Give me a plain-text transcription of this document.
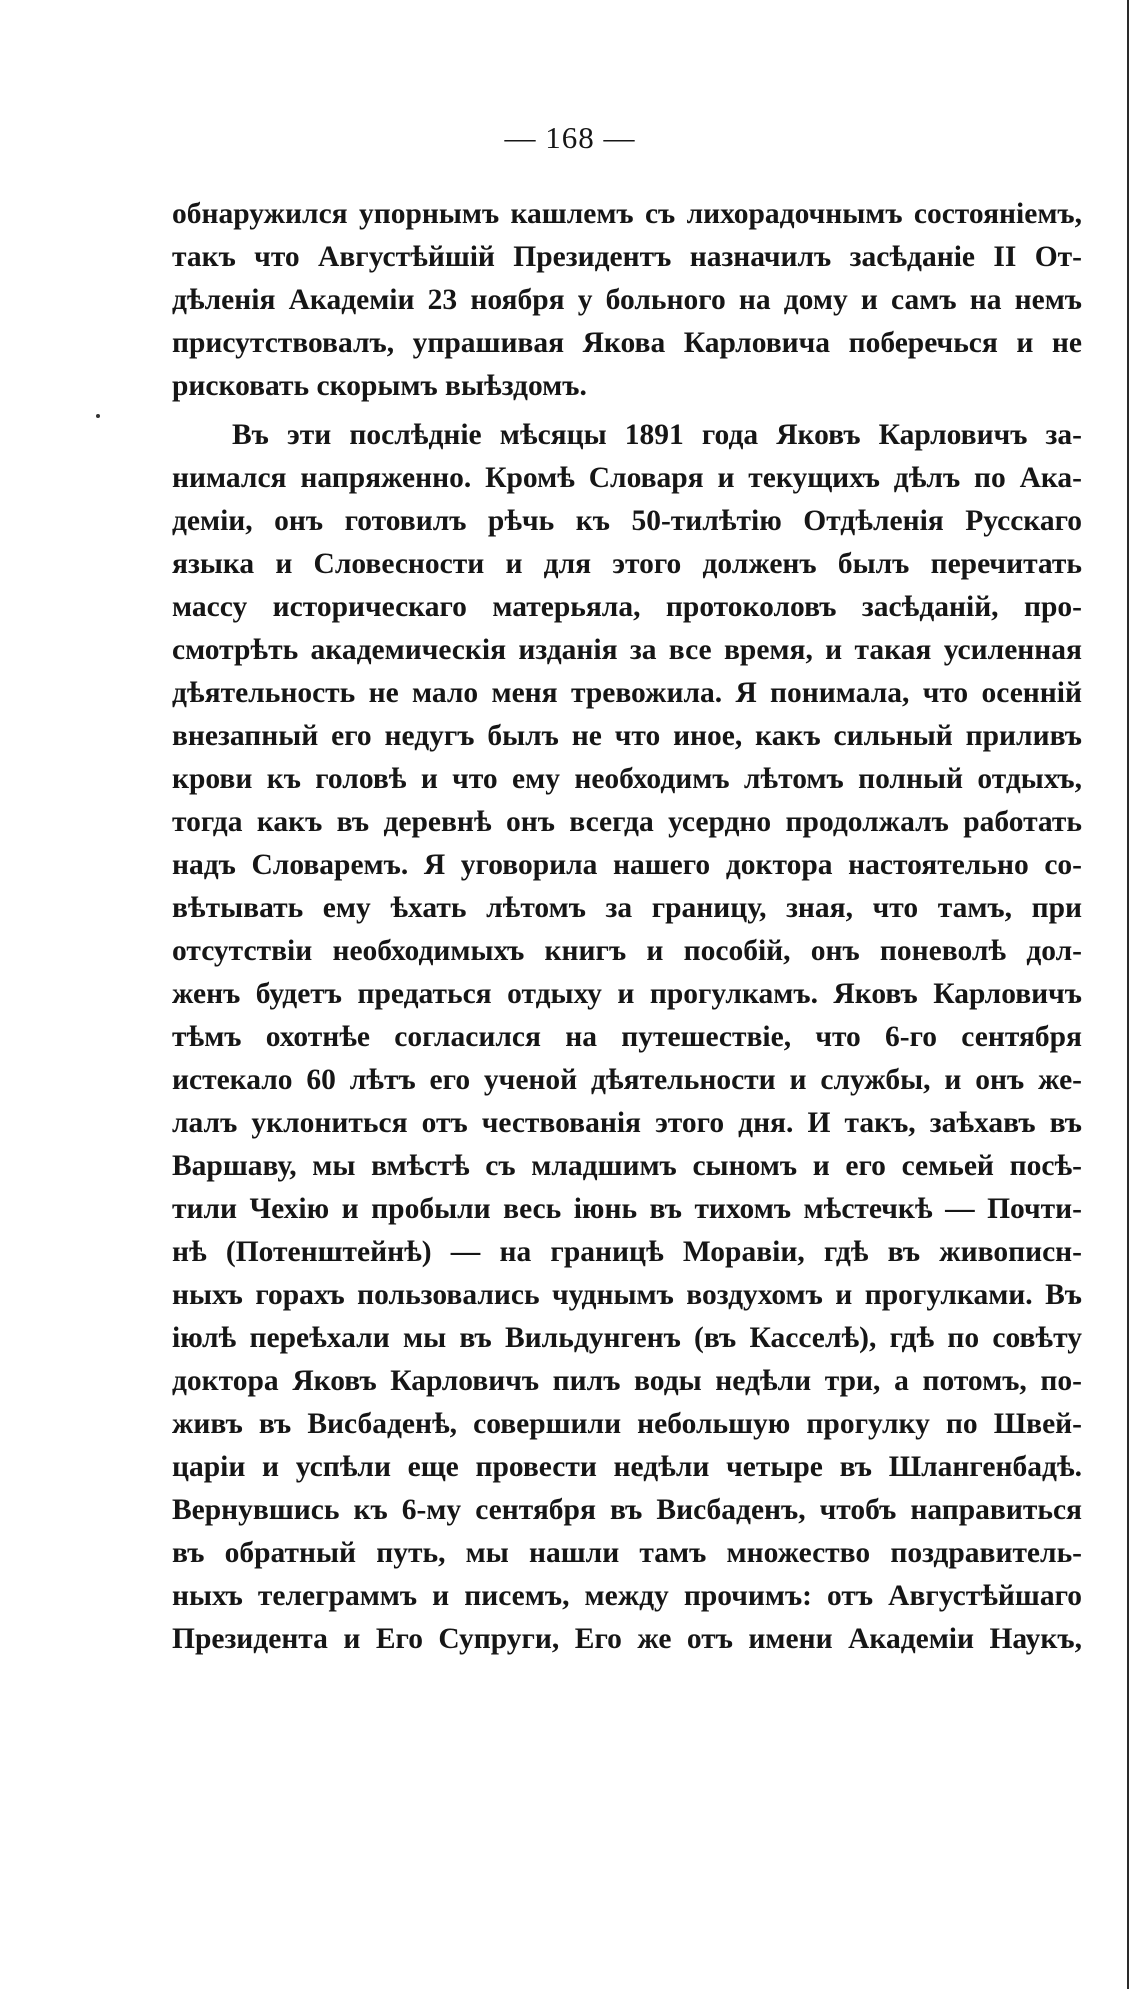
— 168 —
обнаружился упорнымъ кашлемъ съ лихорадочнымъ состояніемъ,
такъ что Августѣйшій Президентъ назначилъ засѣданіе II От-
дѣленія Академіи 23 ноября у больного на дому и самъ на немъ
присутствовалъ, упрашивая Якова Карловича поберечься и не
рисковать скорымъ выѣздомъ.
Въ эти послѣдніе мѣсяцы 1891 года Яковъ Карловичъ за-
нимался напряженно. Кромѣ Словаря и текущихъ дѣлъ по Ака-
деміи, онъ готовилъ рѣчь къ 50-тилѣтію Отдѣленія Русскаго
языка и Словесности и для этого долженъ былъ перечитать
массу историческаго матерьяла, протоколовъ засѣданій, про-
смотрѣть академическія изданія за все время, и такая усиленная
дѣятельность не мало меня тревожила. Я понимала, что осенній
внезапный его недугъ былъ не что иное, какъ сильный приливъ
крови къ головѣ и что ему необходимъ лѣтомъ полный отдыхъ,
тогда какъ въ деревнѣ онъ всегда усердно продолжалъ работать
надъ Словаремъ. Я уговорила нашего доктора настоятельно со-
вѣтывать ему ѣхать лѣтомъ за границу, зная, что тамъ, при
отсутствіи необходимыхъ книгъ и пособій, онъ поневолѣ дол-
женъ будетъ предаться отдыху и прогулкамъ. Яковъ Карловичъ
тѣмъ охотнѣе согласился на путешествіе, что 6-го сентября
истекало 60 лѣтъ его ученой дѣятельности и службы, и онъ же-
лалъ уклониться отъ чествованія этого дня. И такъ, заѣхавъ въ
Варшаву, мы вмѣстѣ съ младшимъ сыномъ и его семьей посѣ-
тили Чехію и пробыли весь іюнь въ тихомъ мѣстечкѣ — Почти-
нѣ (Потенштейнѣ) — на границѣ Моравіи, гдѣ въ живописн-
ныхъ горахъ пользовались чуднымъ воздухомъ и прогулками. Въ
іюлѣ переѣхали мы въ Вильдунгенъ (въ Касселѣ), гдѣ по совѣту
доктора Яковъ Карловичъ пилъ воды недѣли три, а потомъ, по-
живъ въ Висбаденѣ, совершили небольшую прогулку по Швей-
царіи и успѣли еще провести недѣли четыре въ Шлангенбадѣ.
Вернувшись къ 6-му сентября въ Висбаденъ, чтобъ направиться
въ обратный путь, мы нашли тамъ множество поздравитель-
ныхъ телеграммъ и писемъ, между прочимъ: отъ Августѣйшаго
Президента и Его Супруги, Его же отъ имени Академіи Наукъ,
